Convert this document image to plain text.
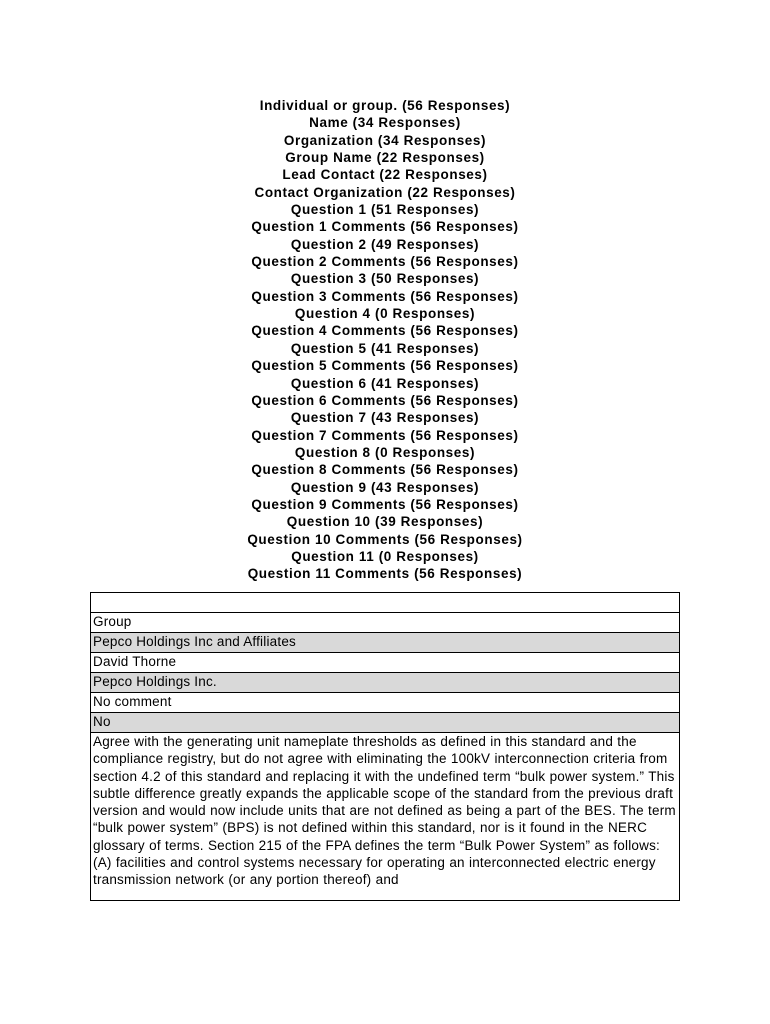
Individual or group. (56 Responses)
Name (34 Responses)
Organization (34 Responses)
Group Name (22 Responses)
Lead Contact (22 Responses)
Contact Organization (22 Responses)
Question 1 (51 Responses)
Question 1 Comments (56 Responses)
Question 2 (49 Responses)
Question 2 Comments (56 Responses)
Question 3 (50 Responses)
Question 3 Comments (56 Responses)
Question 4 (0 Responses)
Question 4 Comments (56 Responses)
Question 5 (41 Responses)
Question 5 Comments (56 Responses)
Question 6 (41 Responses)
Question 6 Comments (56 Responses)
Question 7 (43 Responses)
Question 7 Comments (56 Responses)
Question 8 (0 Responses)
Question 8 Comments (56 Responses)
Question 9 (43 Responses)
Question 9 Comments (56 Responses)
Question 10 (39 Responses)
Question 10 Comments (56 Responses)
Question 11 (0 Responses)
Question 11 Comments (56 Responses)

Group
Pepco Holdings Inc and Affiliates
David Thorne
Pepco Holdings Inc.
No comment
No

Agree with the generating unit nameplate thresholds as defined in this standard and the compliance registry, but do not agree with eliminating the 100kV interconnection criteria from section 4.2 of this standard and replacing it with the undefined term “bulk power system.” This subtle difference greatly expands the applicable scope of the standard from the previous draft version and would now include units that are not defined as being a part of the BES. The term “bulk power system” (BPS) is not defined within this standard, nor is it found in the NERC glossary of terms. Section 215 of the FPA defines the term “Bulk Power System” as follows: (A) facilities and control systems necessary for operating an interconnected electric energy transmission network (or any portion thereof) and
